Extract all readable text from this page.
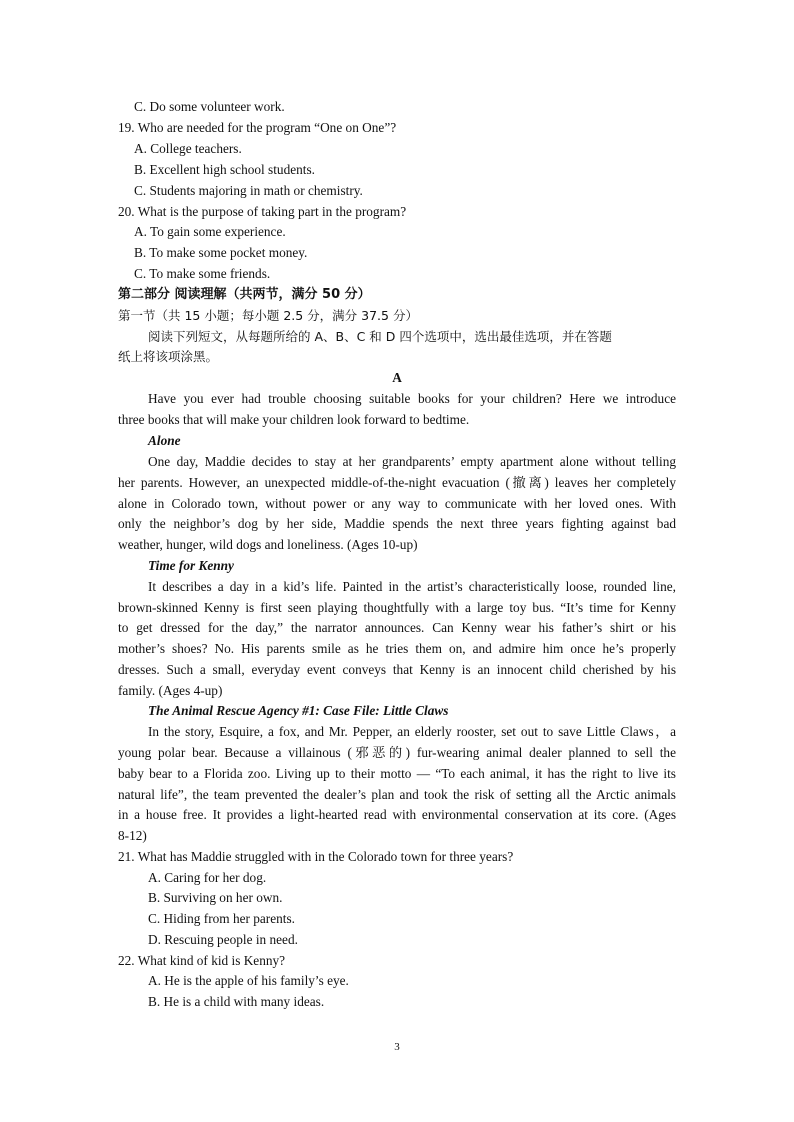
C. Do some volunteer work.
19. Who are needed for the program “One on One”?
A. College teachers.
B. Excellent high school students.
C. Students majoring in math or chemistry.
20. What is the purpose of taking part in the program?
A. To gain some experience.
B. To make some pocket money.
C. To make some friends.
第二部分 阅读理解（共两节，满分 50 分）
第一节（共 15 小题；每小题 2.5 分，满分 37.5 分）
阅读下列短文，从每题所给的 A、B、C 和 D 四个选项中，选出最佳选项，并在答题
纸上将该项涂黑。
A
Have you ever had trouble choosing suitable books for your children? Here we introduce
three books that will make your children look forward to bedtime.
Alone
One day, Maddie decides to stay at her grandparents’ empty apartment alone without telling
her parents. However, an unexpected middle-of-the-night evacuation (撤离) leaves her completely
alone in Colorado town, without power or any way to communicate with her loved ones. With
only the neighbor’s dog by her side, Maddie spends the next three years fighting against bad
weather, hunger, wild dogs and loneliness. (Ages 10-up)
Time for Kenny
It describes a day in a kid’s life. Painted in the artist’s characteristically loose, rounded line,
brown-skinned Kenny is first seen playing thoughtfully with a large toy bus. “It’s time for Kenny
to get dressed for the day,” the narrator announces. Can Kenny wear his father’s shirt or his
mother’s shoes? No. His parents smile as he tries them on, and admire him once he’s properly
dresses. Such a small, everyday event conveys that Kenny is an innocent child cherished by his
family. (Ages 4-up)
The Animal Rescue Agency #1: Case File: Little Claws
In the story, Esquire, a fox, and Mr. Pepper, an elderly rooster, set out to save Little Claws，a
young polar bear. Because a villainous (邪恶的) fur-wearing animal dealer planned to sell the
baby bear to a Florida zoo. Living up to their motto — “To each animal, it has the right to live its
natural life”, the team prevented the dealer’s plan and took the risk of setting all the Arctic animals
in a house free. It provides a light-hearted read with environmental conservation at its core. (Ages
8-12)
21. What has Maddie struggled with in the Colorado town for three years?
A. Caring for her dog.
B. Surviving on her own.
C. Hiding from her parents.
D. Rescuing people in need.
22. What kind of kid is Kenny?
A. He is the apple of his family’s eye.
B. He is a child with many ideas.
3
